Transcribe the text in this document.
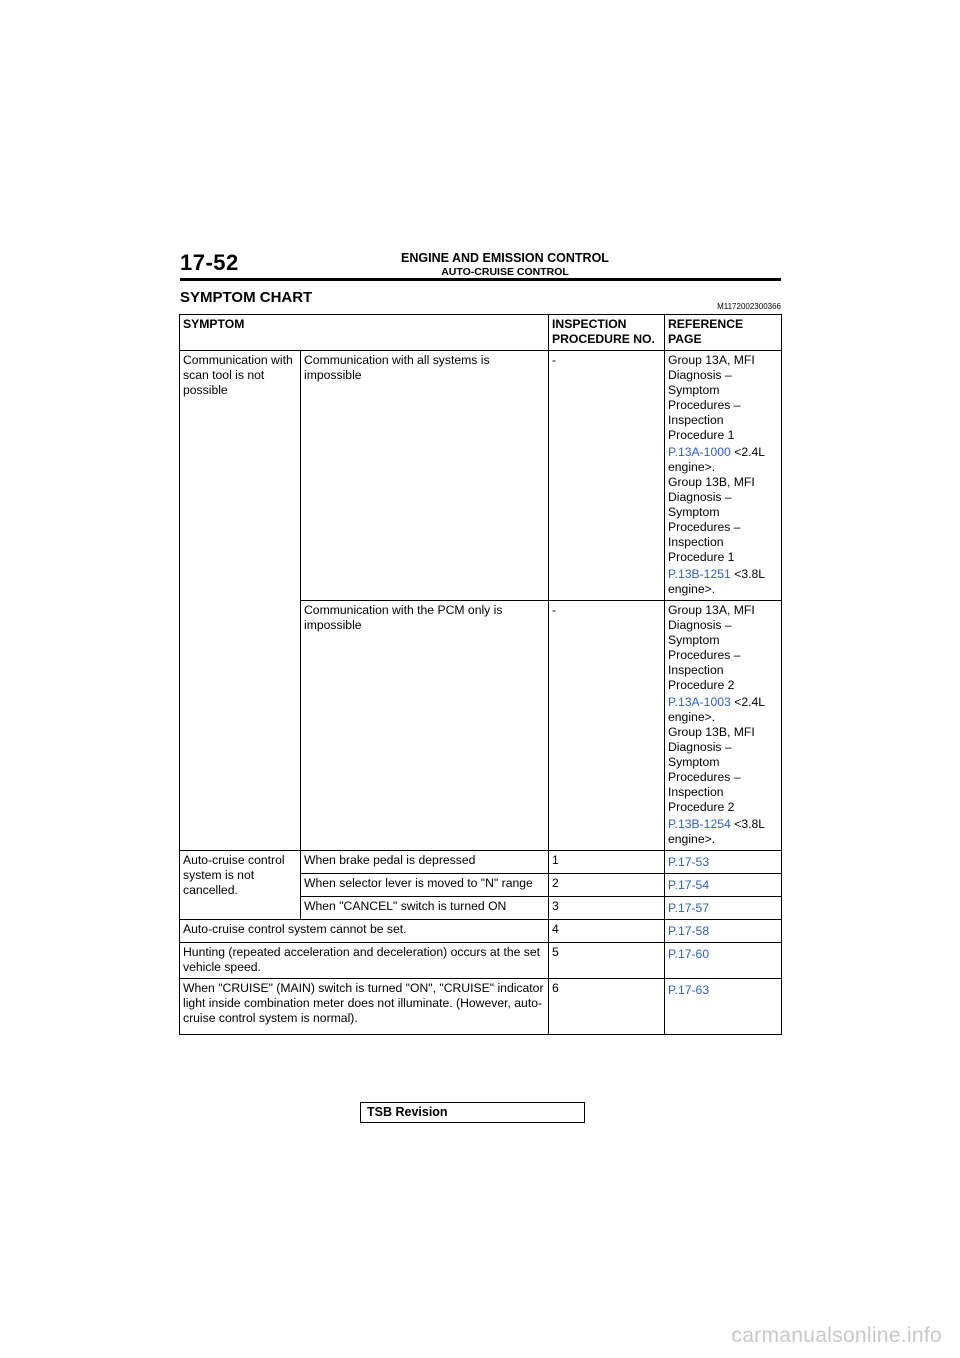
17-52	ENGINE AND EMISSION CONTROL
AUTO-CRUISE CONTROL
SYMPTOM CHART
M1172002300366
SYMPTOM		INSPECTION PROCEDURE NO.	REFERENCE PAGE
Communication with scan tool is not possible	Communication with all systems is impossible	-	Group 13A, MFI Diagnosis – Symptom Procedures – Inspection Procedure 1
P.13A-1000 <2.4L engine>.
Group 13B, MFI Diagnosis – Symptom Procedures – Inspection Procedure 1
P.13B-1251 <3.8L engine>.

	Communication with the PCM only is impossible	-	Group 13A, MFI Diagnosis – Symptom Procedures – Inspection Procedure 2
P.13A-1003 <2.4L engine>.
Group 13B, MFI Diagnosis – Symptom Procedures – Inspection Procedure 2
P.13B-1254 <3.8L engine>.

Auto-cruise control system is not cancelled.	When brake pedal is depressed	1	P.17-53
	When selector lever is moved to "N" range	2	P.17-54
	When "CANCEL" switch is turned ON	3	P.17-57
Auto-cruise control system cannot be set.		4	P.17-58
Hunting (repeated acceleration and deceleration) occurs at the set vehicle speed.		5	P.17-60
When "CRUISE" (MAIN) switch is turned "ON", "CRUISE" indicator light inside combination meter does not illuminate. (However, auto-cruise control system is normal).		6	P.17-63
TSB Revision
carmanualsonline.info
